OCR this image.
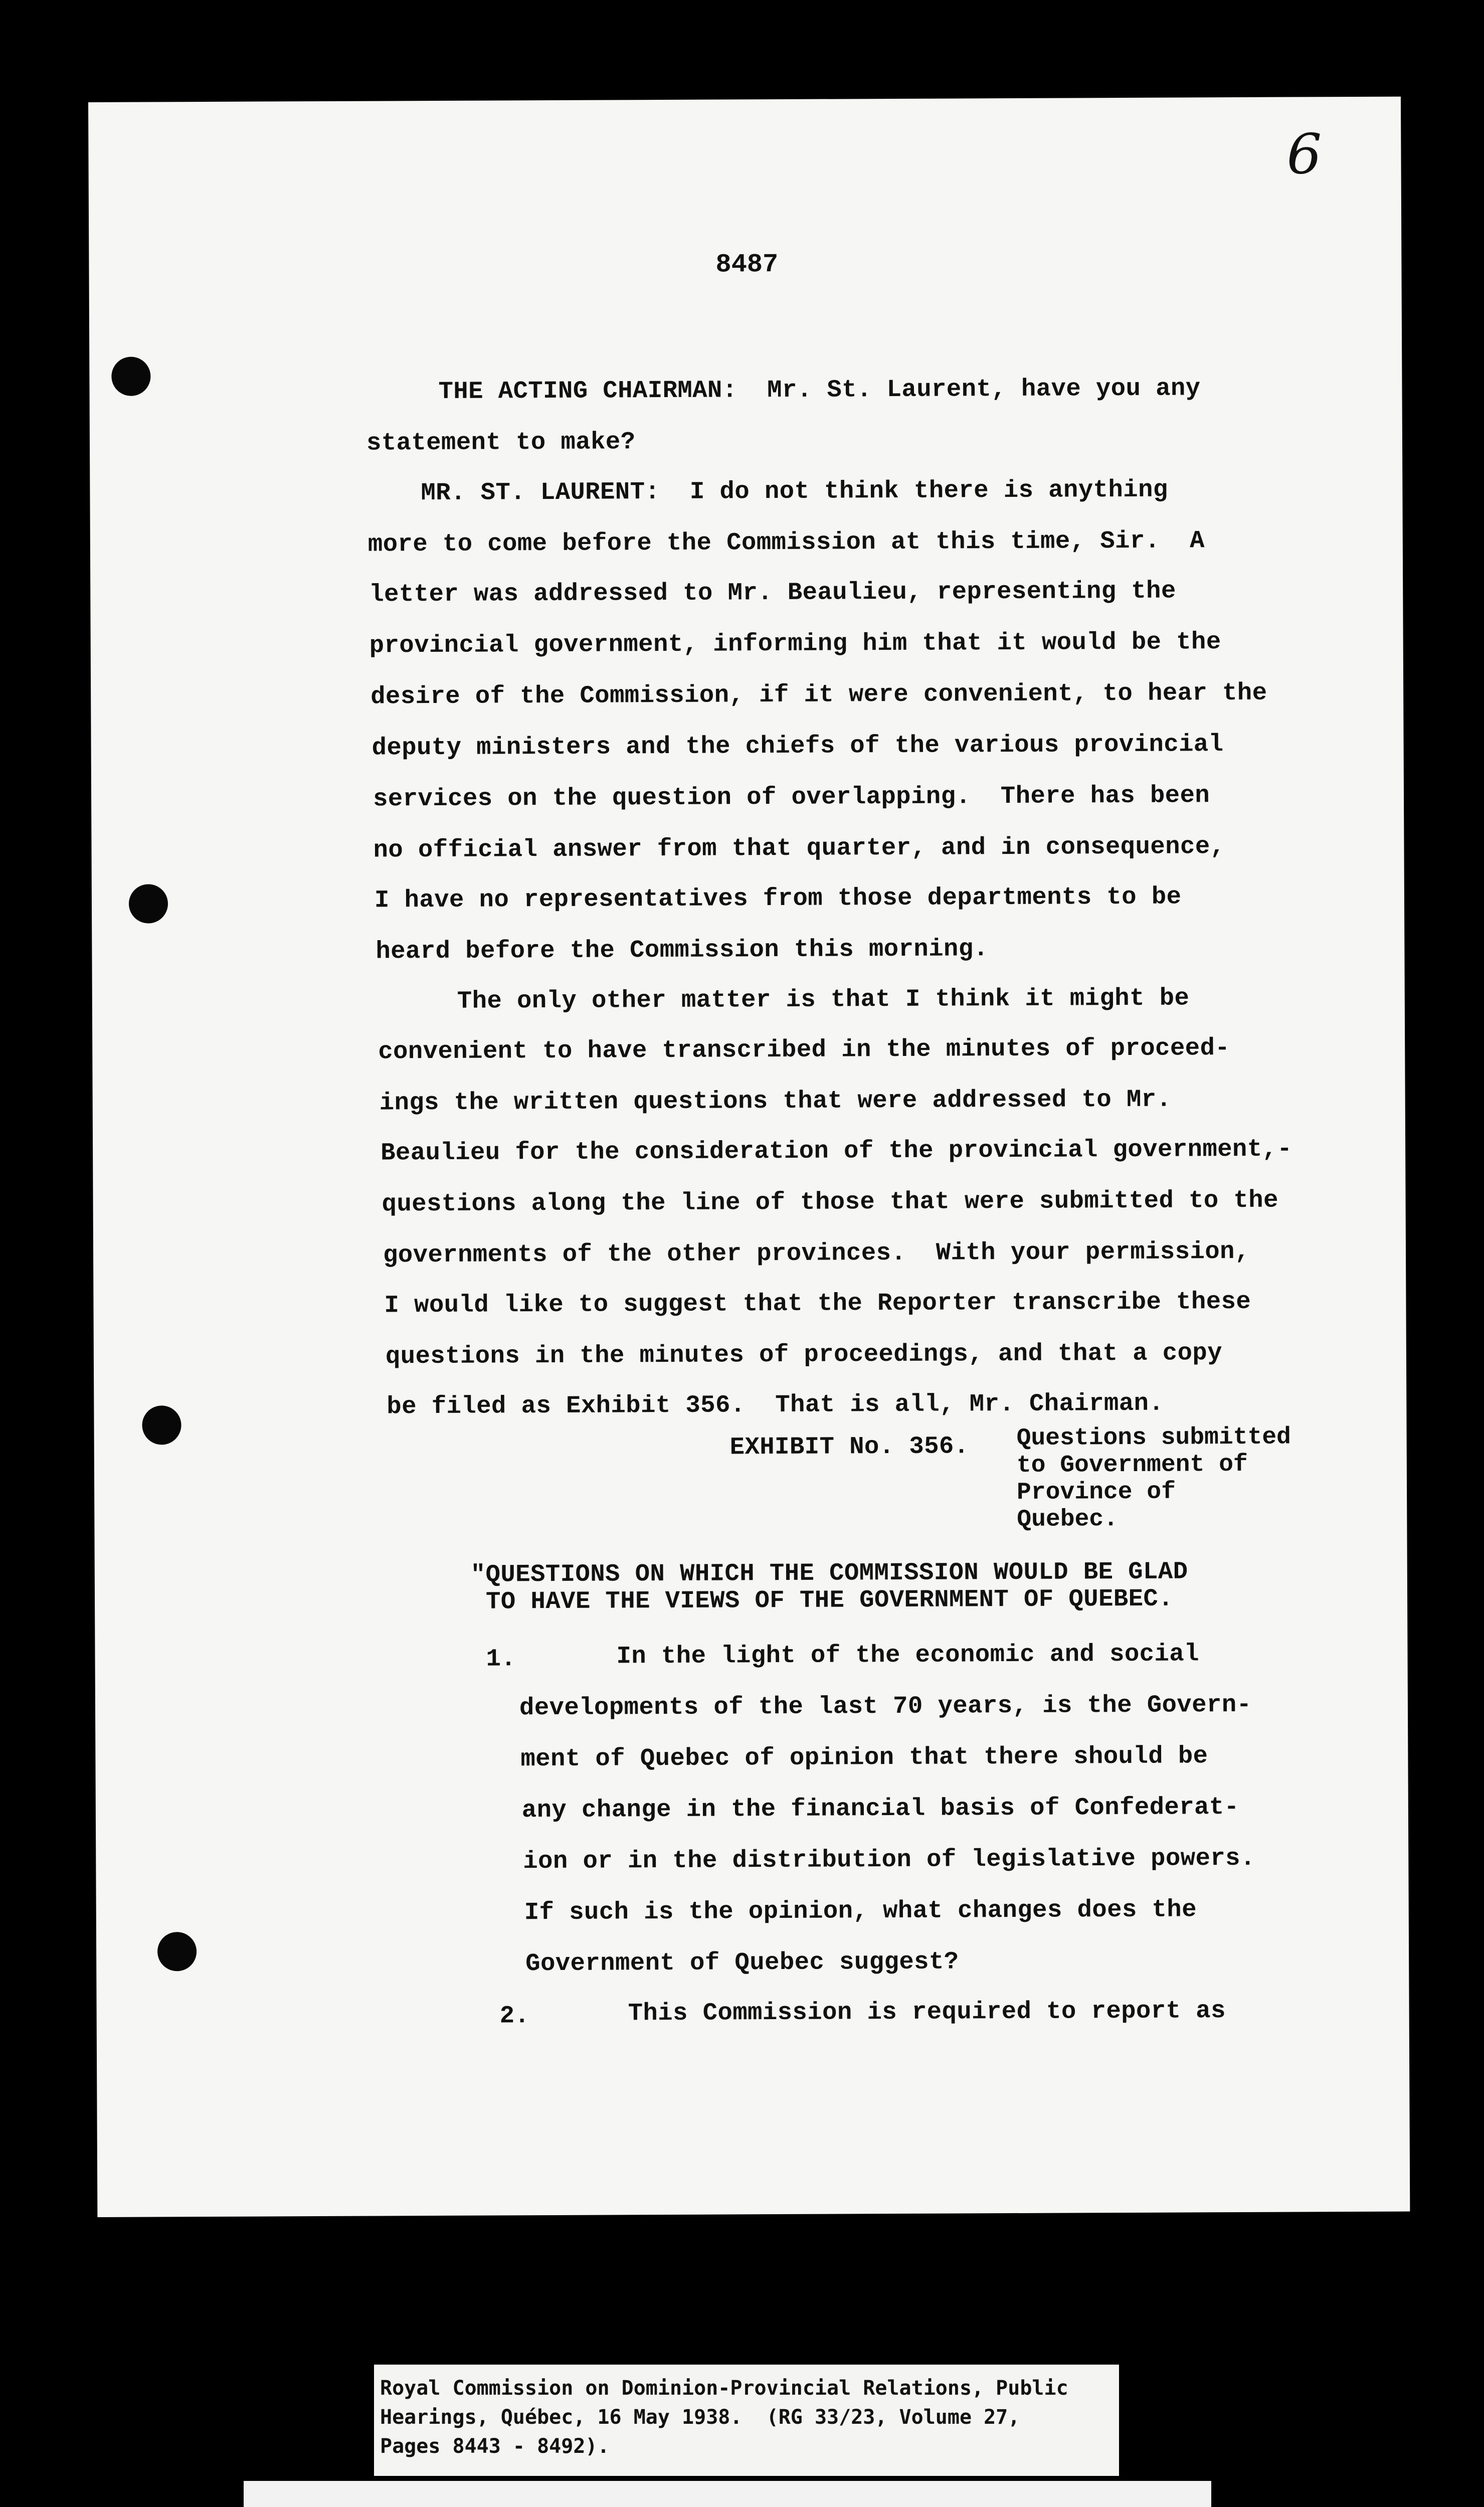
6
8487
THE ACTING CHAIRMAN:  Mr. St. Laurent, have you any
statement to make?
MR. ST. LAURENT:  I do not think there is anything
more to come before the Commission at this time, Sir.  A
letter was addressed to Mr. Beaulieu, representing the
provincial government, informing him that it would be the
desire of the Commission, if it were convenient, to hear the
deputy ministers and the chiefs of the various provincial
services on the question of overlapping.  There has been
no official answer from that quarter, and in consequence,
I have no representatives from those departments to be
heard before the Commission this morning.
The only other matter is that I think it might be
convenient to have transcribed in the minutes of proceed-
ings the written questions that were addressed to Mr.
Beaulieu for the consideration of the provincial government,-
questions along the line of those that were submitted to the
governments of the other provinces.  With your permission,
I would like to suggest that the Reporter transcribe these
questions in the minutes of proceedings, and that a copy
be filed as Exhibit 356.  That is all, Mr. Chairman.
EXHIBIT No. 356. Questions submitted
to Government of
Province of
Quebec.
"QUESTIONS ON WHICH THE COMMISSION WOULD BE GLAD
TO HAVE THE VIEWS OF THE GOVERNMENT OF QUEBEC.
1.	In the light of the economic and social
developments of the last 70 years, is the Govern-
ment of Quebec of opinion that there should be
any change in the financial basis of Confederat-
ion or in the distribution of legislative powers.
If such is the opinion, what changes does the
Government of Quebec suggest?
2.	This Commission is required to report as
Royal Commission on Dominion-Provincial Relations, Public
Hearings, Québec, 16 May 1938.  (RG 33/23, Volume 27,
Pages 8443 - 8492).
